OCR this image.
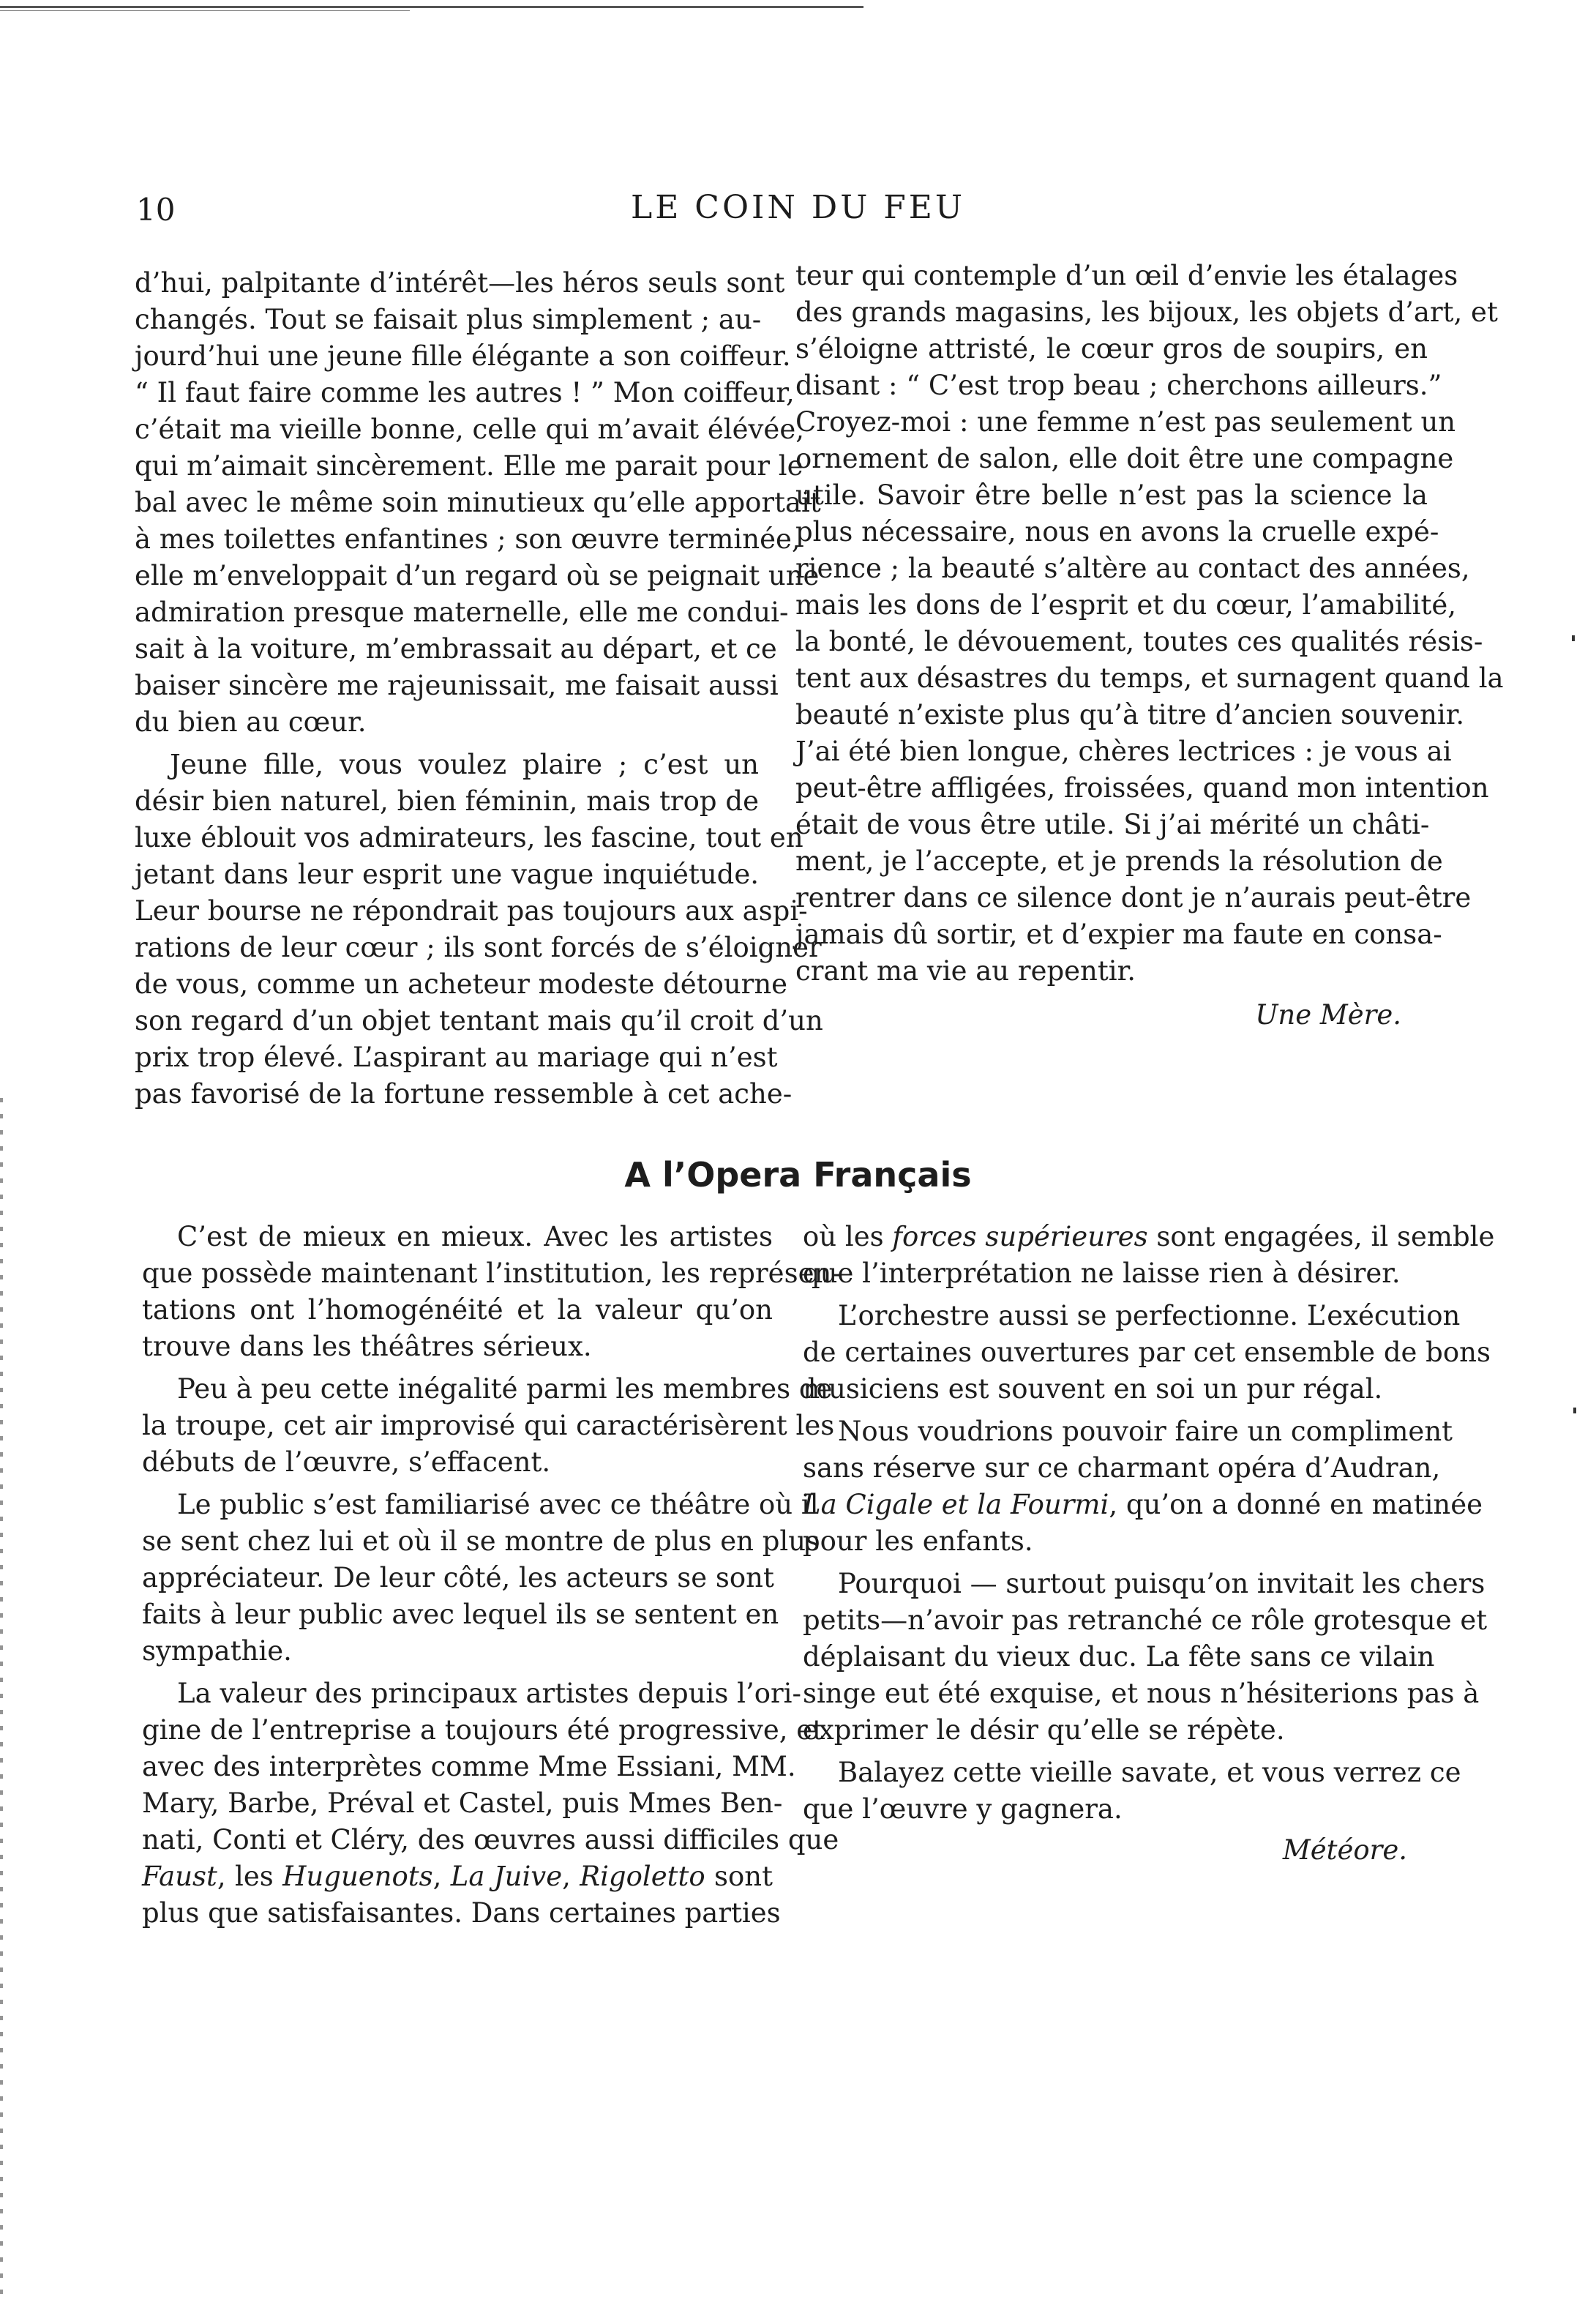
10	LE COIN DU FEU

d’hui, palpitante d’intérêt—les héros seuls sont

changés. Tout se faisait plus simplement ; au-

jourd’hui une jeune fille élégante a son coiffeur.

“ Il faut faire comme les autres ! ” Mon coiffeur,

c’était ma vieille bonne, celle qui m’avait élévée,

qui m’aimait sincèrement. Elle me parait pour le

bal avec le même soin minutieux qu’elle apportait

à mes toilettes enfantines ; son œuvre terminée,

elle m’enveloppait d’un regard où se peignait une

admiration presque maternelle, elle me condui-

sait à la voiture, m’embrassait au départ, et ce

baiser sincère me rajeunissait, me faisait aussi

du bien au cœur.

Jeune fille, vous voulez plaire ; c’est un

désir bien naturel, bien féminin, mais trop de

luxe éblouit vos admirateurs, les fascine, tout en

jetant dans leur esprit une vague inquiétude.

Leur bourse ne répondrait pas toujours aux aspi-

rations de leur cœur ; ils sont forcés de s’éloigner

de vous, comme un acheteur modeste détourne

son regard d’un objet tentant mais qu’il croit d’un

prix trop élevé. L’aspirant au mariage qui n’est

pas favorisé de la fortune ressemble à cet ache-

teur qui contemple d’un œil d’envie les étalages

des grands magasins, les bijoux, les objets d’art, et

s’éloigne attristé, le cœur gros de soupirs, en

disant : “ C’est trop beau ; cherchons ailleurs.”

Croyez-moi : une femme n’est pas seulement un

ornement de salon, elle doit être une compagne

utile. Savoir être belle n’est pas la science la

plus nécessaire, nous en avons la cruelle expé-

rience ; la beauté s’altère au contact des années,

mais les dons de l’esprit et du cœur, l’amabilité,

la bonté, le dévouement, toutes ces qualités résis-

tent aux désastres du temps, et surnagent quand la

beauté n’existe plus qu’à titre d’ancien souvenir.

J’ai été bien longue, chères lectrices : je vous ai

peut-être affligées, froissées, quand mon intention

était de vous être utile. Si j’ai mérité un châti-

ment, je l’accepte, et je prends la résolution de

rentrer dans ce silence dont je n’aurais peut-être

jamais dû sortir, et d’expier ma faute en consa-

crant ma vie au repentir.

Une Mère.
A l’Opera Français

C’est de mieux en mieux. Avec les artistes

que possède maintenant l’institution, les représen-

tations ont l’homogénéité et la valeur qu’on

trouve dans les théâtres sérieux.

Peu à peu cette inégalité parmi les membres de

la troupe, cet air improvisé qui caractérisèrent les

débuts de l’œuvre, s’effacent.

Le public s’est familiarisé avec ce théâtre où il

se sent chez lui et où il se montre de plus en plus

appréciateur. De leur côté, les acteurs se sont

faits à leur public avec lequel ils se sentent en

sympathie.

La valeur des principaux artistes depuis l’ori-

gine de l’entreprise a toujours été progressive, et

avec des interprètes comme Mme Essiani, MM.

Mary, Barbe, Préval et Castel, puis Mmes Ben-

nati, Conti et Cléry, des œuvres aussi difficiles que

Faust, les Huguenots, La Juive, Rigoletto sont

plus que satisfaisantes. Dans certaines parties

où les forces supérieures sont engagées, il semble

que l’interprétation ne laisse rien à désirer.

L’orchestre aussi se perfectionne. L’exécution

de certaines ouvertures par cet ensemble de bons

musiciens est souvent en soi un pur régal.

Nous voudrions pouvoir faire un compliment

sans réserve sur ce charmant opéra d’Audran,

La Cigale et la Fourmi, qu’on a donné en matinée

pour les enfants.

Pourquoi — surtout puisqu’on invitait les chers

petits—n’avoir pas retranché ce rôle grotesque et

déplaisant du vieux duc. La fête sans ce vilain

singe eut été exquise, et nous n’hésiterions pas à

exprimer le désir qu’elle se répète.

Balayez cette vieille savate, et vous verrez ce

que l’œuvre y gagnera.

Météore.
